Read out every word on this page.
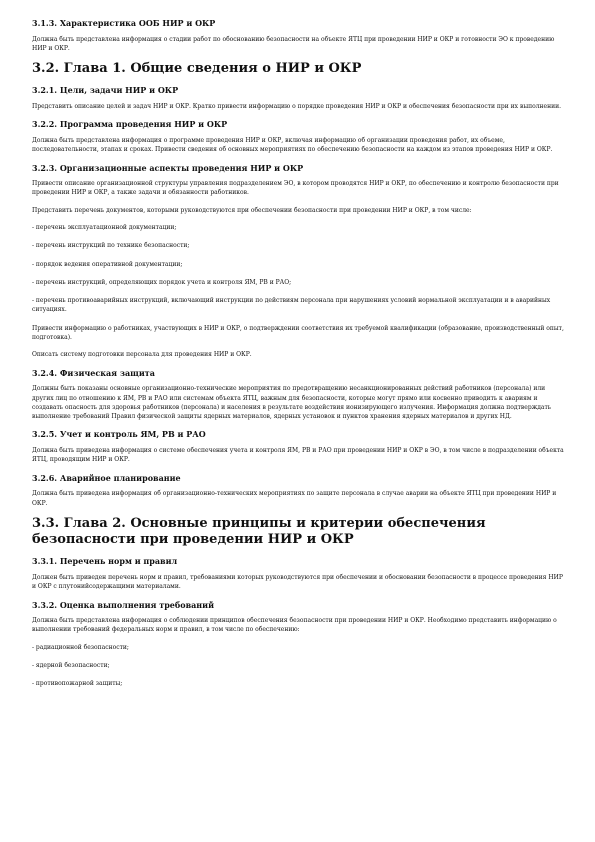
3.1.3. Характеристика ООБ НИР и ОКР

Должна быть представлена информация о стадии работ по обоснованию безопасности на объекте ЯТЦ при проведении НИР и ОКР и готовности ЭО к проведению НИР и ОКР.

3.2. Глава 1. Общие сведения о НИР и ОКР
3.2.1. Цели, задачи НИР и ОКР

Представить описание целей и задач НИР и ОКР. Кратко привести информацию о порядке проведения НИР и ОКР и обеспечения безопасности при их выполнении.

3.2.2. Программа проведения НИР и ОКР

Должна быть представлена информация о программе проведения НИР и ОКР, включая информацию об организации проведения работ, их объеме, последовательности, этапах и сроках. Привести сведения об основных мероприятиях по обеспечению безопасности на каждом из этапов проведения НИР и ОКР.

3.2.3. Организационные аспекты проведения НИР и ОКР

Привести описание организационной структуры управления подразделением ЭО, в котором проводятся НИР и ОКР, по обеспечению и контролю безопасности при проведении НИР и ОКР, а также задачи и обязанности работников.

Представить перечень документов, которыми руководствуются при обеспечении безопасности при проведении НИР и ОКР, в том числе:

- перечень эксплуатационной документации;

- перечень инструкций по технике безопасности;

- порядок ведения оперативной документации;

- перечень инструкций, определяющих порядок учета и контроля ЯМ, РВ и РАО;

- перечень противоаварийных инструкций, включающий инструкции по действиям персонала при нарушениях условий нормальной эксплуатации и в аварийных ситуациях.

Привести информацию о работниках, участвующих в НИР и ОКР, о подтверждении соответствия их требуемой квалификации (образование, производственный опыт, подготовка).

Описать систему подготовки персонала для проведения НИР и ОКР.

3.2.4. Физическая защита

Должны быть показаны основные организационно-технические мероприятия по предотвращению несанкционированных действий работников (персонала) или других лиц по отношению к ЯМ, РВ и РАО или системам объекта ЯТЦ, важным для безопасности, которые могут прямо или косвенно приводить к авариям и создавать опасность для здоровья работников (персонала) и населения в результате воздействия ионизирующего излучения. Информация должна подтверждать выполнение требований Правил физической защиты ядерных материалов, ядерных установок и пунктов хранения ядерных материалов и других НД.

3.2.5. Учет и контроль ЯМ, РВ и РАО

Должна быть приведена информация о системе обеспечения учета и контроля ЯМ, РВ и РАО при проведении НИР и ОКР в ЭО, в том числе в подразделении объекта ЯТЦ, проводящим НИР и ОКР.

3.2.6. Аварийное планирование

Должна быть приведена информация об организационно-технических мероприятиях по защите персонала в случае аварии на объекте ЯТЦ при проведении НИР и ОКР.

3.3. Глава 2. Основные принципы и критерии обеспечения безопасности при проведении НИР и ОКР
3.3.1. Перечень норм и правил

Должен быть приведен перечень норм и правил, требованиями которых руководствуются при обеспечении и обосновании безопасности в процессе проведения НИР и ОКР с плутонийсодержащими материалами.

3.3.2. Оценка выполнения требований

Должна быть представлена информация о соблюдении принципов обеспечения безопасности при проведении НИР и ОКР. Необходимо представить информацию о выполнении требований федеральных норм и правил, в том числе по обеспечению:

- радиационной безопасности;

- ядерной безопасности;

- противопожарной защиты;
